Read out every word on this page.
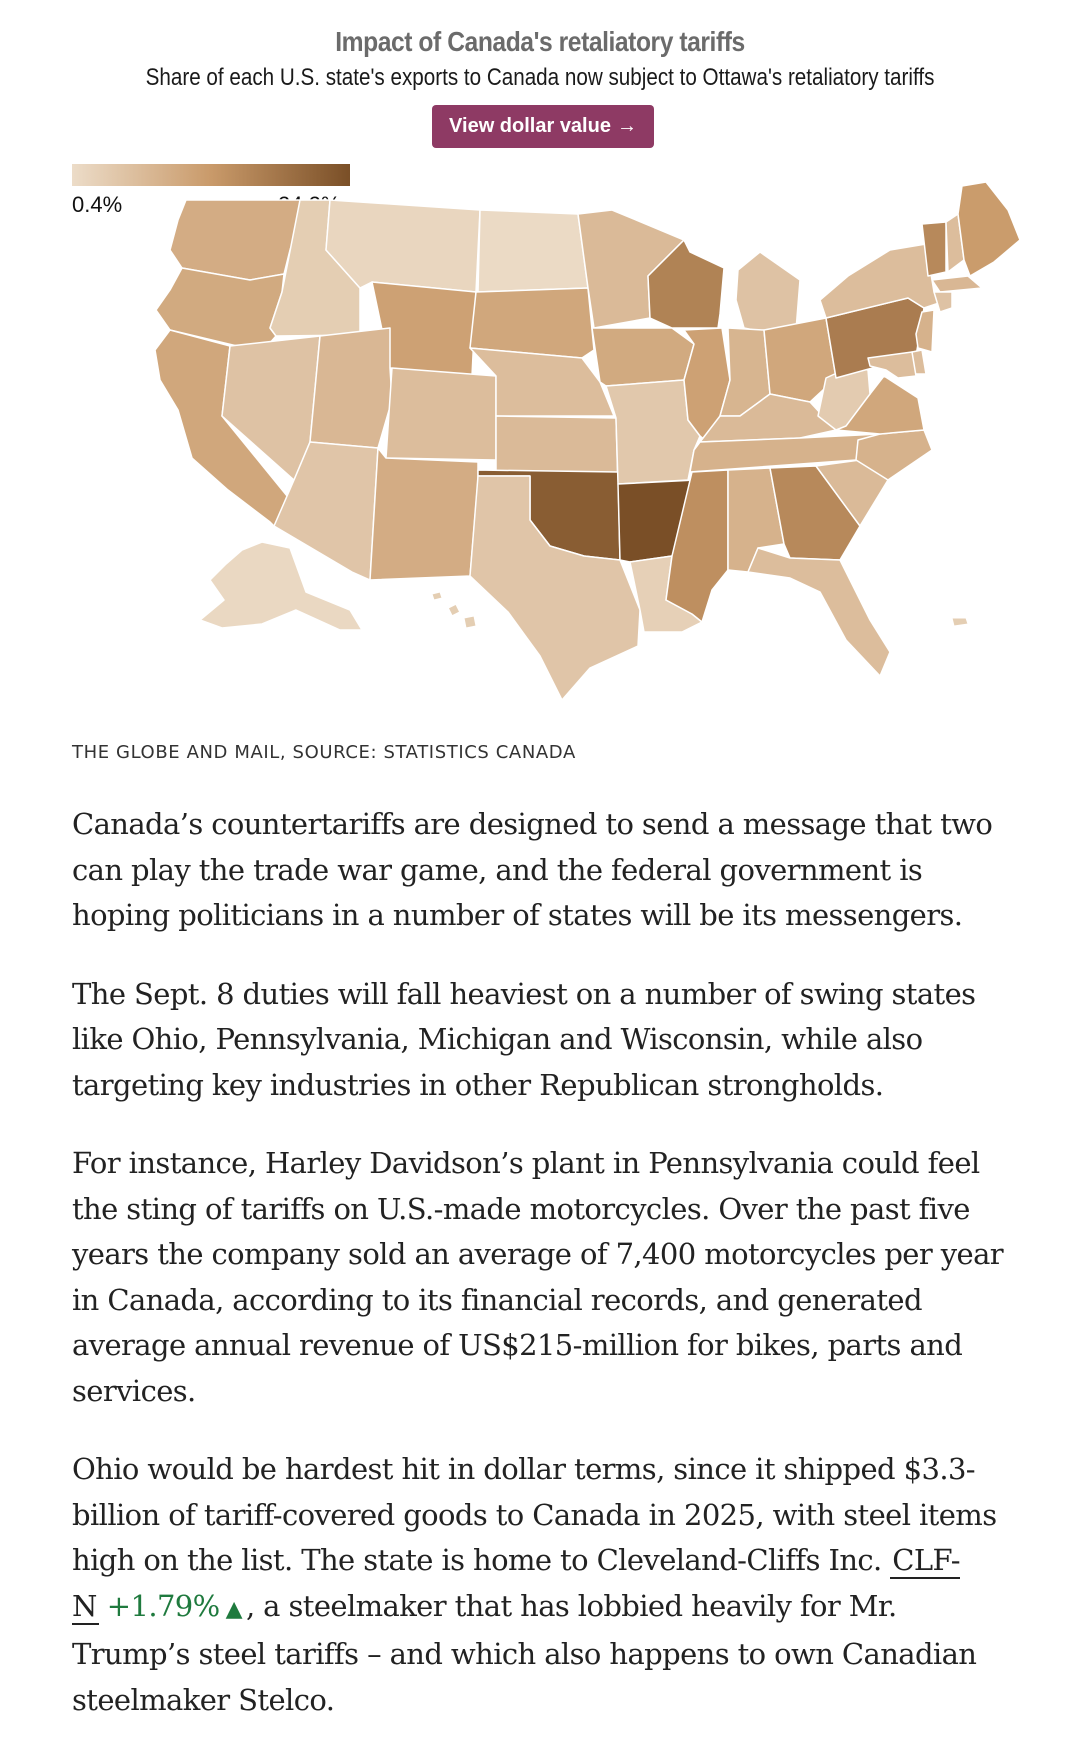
Impact of Canada's retaliatory tariffs
Share of each U.S. state's exports to Canada now subject to Ottawa's retaliatory tariffs
View dollar value →
0.4%
THE GLOBE AND MAIL, SOURCE: STATISTICS CANADA

Canada’s countertariffs are designed to send a message that two can play the trade war game, and the federal government is hoping politicians in a number of states will be its messengers.

The Sept. 8 duties will fall heaviest on a number of swing states like Ohio, Pennsylvania, Michigan and Wisconsin, while also targeting key industries in other Republican strongholds.

For instance, Harley Davidson’s plant in Pennsylvania could feel the sting of tariffs on U.S.-made motorcycles. Over the past five years the company sold an average of 7,400 motorcycles per year in Canada, according to its financial records, and generated average annual revenue of US$215-million for bikes, parts and services.

Ohio would be hardest hit in dollar terms, since it shipped $3.3-billion of tariff-covered goods to Canada in 2025, with steel items high on the list. The state is home to Cleveland-Cliffs Inc. CLF-N +1.79% ▲ , a steelmaker that has lobbied heavily for Mr. Trump’s steel tariffs – and which also happens to own Canadian steelmaker Stelco.
